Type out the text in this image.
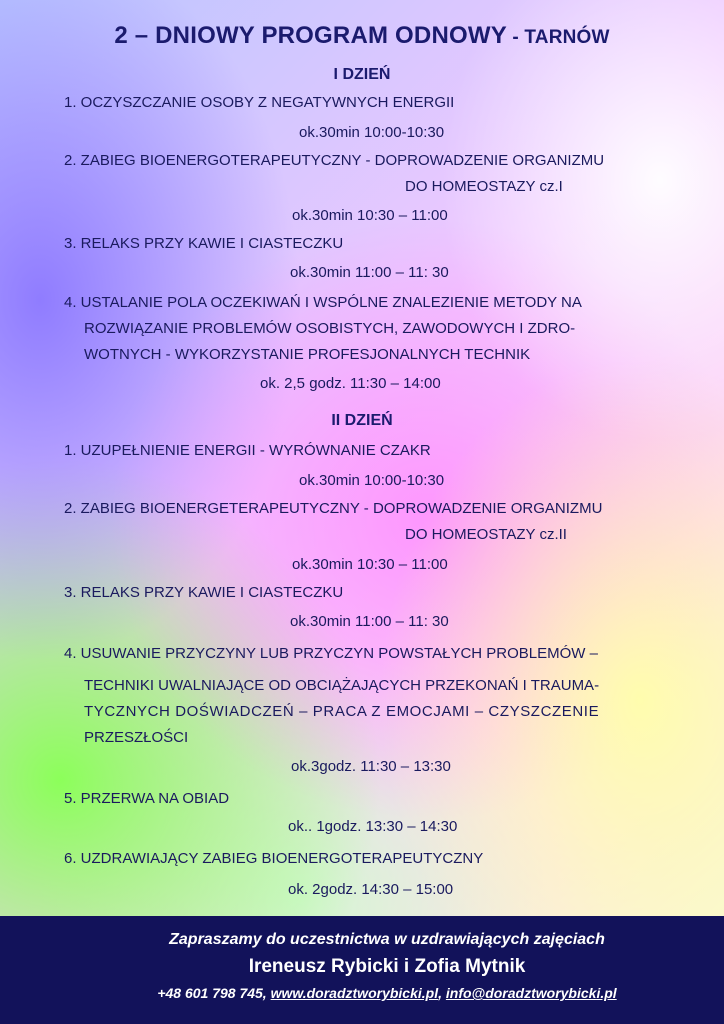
2 – DNIOWY PROGRAM ODNOWY - TARNÓW
I DZIEŃ
1. OCZYSZCZANIE OSOBY Z NEGATYWNYCH ENERGII
ok.30min 10:00-10:30
2. ZABIEG BIOENERGOTERAPEUTYCZNY - DOPROWADZENIE ORGANIZMU
DO HOMEOSTAZY cz.I
ok.30min 10:30 – 11:00
3. RELAKS PRZY KAWIE I CIASTECZKU
ok.30min 11:00 – 11: 30
4. USTALANIE POLA OCZEKIWAŃ I WSPÓLNE ZNALEZIENIE METODY NA
ROZWIĄZANIE PROBLEMÓW OSOBISTYCH, ZAWODOWYCH I ZDRO-
WOTNYCH - WYKORZYSTANIE PROFESJONALNYCH TECHNIK
ok. 2,5 godz. 11:30 – 14:00
II DZIEŃ
1. UZUPEŁNIENIE ENERGII - WYRÓWNANIE CZAKR
ok.30min 10:00-10:30
2. ZABIEG BIOENERGETERAPEUTYCZNY - DOPROWADZENIE ORGANIZMU
DO HOMEOSTAZY cz.II
ok.30min 10:30 – 11:00
3. RELAKS PRZY KAWIE I CIASTECZKU
ok.30min 11:00 – 11: 30
4. USUWANIE PRZYCZYNY LUB PRZYCZYN POWSTAŁYCH PROBLEMÓW –
TECHNIKI UWALNIAJĄCE OD OBCIĄŻAJĄCYCH PRZEKONAŃ I TRAUMA-
TYCZNYCH DOŚWIADCZEŃ – PRACA Z EMOCJAMI – CZYSZCZENIE
PRZESZŁOŚCI
ok.3godz. 11:30 – 13:30
5. PRZERWA NA OBIAD
ok.. 1godz. 13:30 – 14:30
6. UZDRAWIAJĄCY ZABIEG BIOENERGOTERAPEUTYCZNY
ok. 2godz. 14:30 – 15:00
Zapraszamy do uczestnictwa w uzdrawiających zajęciach
Ireneusz Rybicki i Zofia Mytnik
+48 601 798 745, www.doradztworybicki.pl, info@doradztworybicki.pl
